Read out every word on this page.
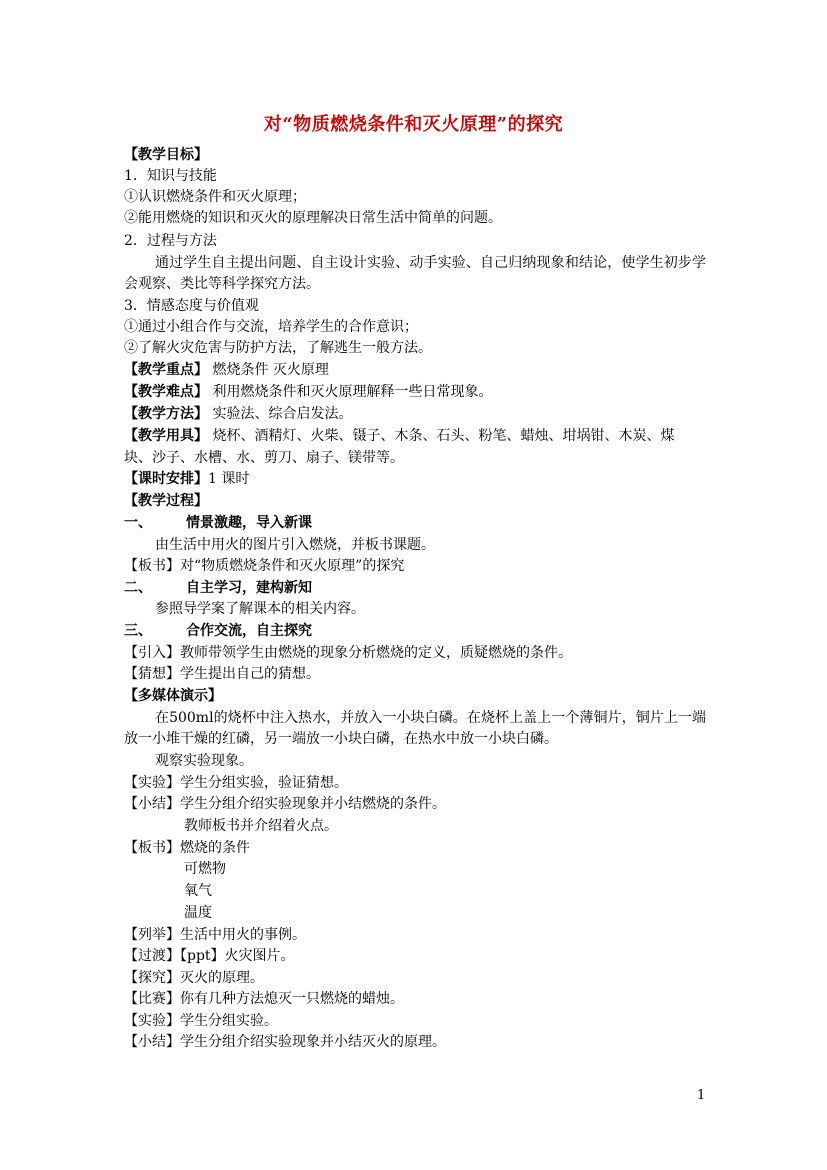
对“物质燃烧条件和灭火原理”的探究
【教学目标】
1．知识与技能
①认识燃烧条件和灭火原理；
②能用燃烧的知识和灭火的原理解决日常生活中简单的问题。
2．过程与方法
通过学生自主提出问题、自主设计实验、动手实验、自己归纳现象和结论，使学生初步学会观察、类比等科学探究方法。
3．情感态度与价值观
①通过小组合作与交流，培养学生的合作意识；
②了解火灾危害与防护方法，了解逃生一般方法。
【教学重点】 燃烧条件 灭火原理
【教学难点】 利用燃烧条件和灭火原理解释一些日常现象。
【教学方法】 实验法、综合启发法。
【教学用具】 烧杯、酒精灯、火柴、镊子、木条、石头、粉笔、蜡烛、坩埚钳、木炭、煤
块、沙子、水槽、水、剪刀、扇子、镁带等。
【课时安排】1 课时
【教学过程】
一、 情景激趣，导入新课
由生活中用火的图片引入燃烧，并板书课题。
【板书】对“物质燃烧条件和灭火原理”的探究
二、 自主学习，建构新知
参照导学案了解课本的相关内容。
三、 合作交流，自主探究
【引入】教师带领学生由燃烧的现象分析燃烧的定义，质疑燃烧的条件。
【猜想】学生提出自己的猜想。
【多媒体演示】
在500ml的烧杯中注入热水，并放入一小块白磷。在烧杯上盖上一个薄铜片，铜片上一端放一小堆干燥的红磷，另一端放一小块白磷，在热水中放一小块白磷。
观察实验现象。
【实验】学生分组实验，验证猜想。
【小结】学生分组介绍实验现象并小结燃烧的条件。
教师板书并介绍着火点。
【板书】燃烧的条件
可燃物
氧气
温度
【列举】生活中用火的事例。
【过渡】【ppt】火灾图片。
【探究】灭火的原理。
【比赛】你有几种方法熄灭一只燃烧的蜡烛。
【实验】学生分组实验。
【小结】学生分组介绍实验现象并小结灭火的原理。
1
